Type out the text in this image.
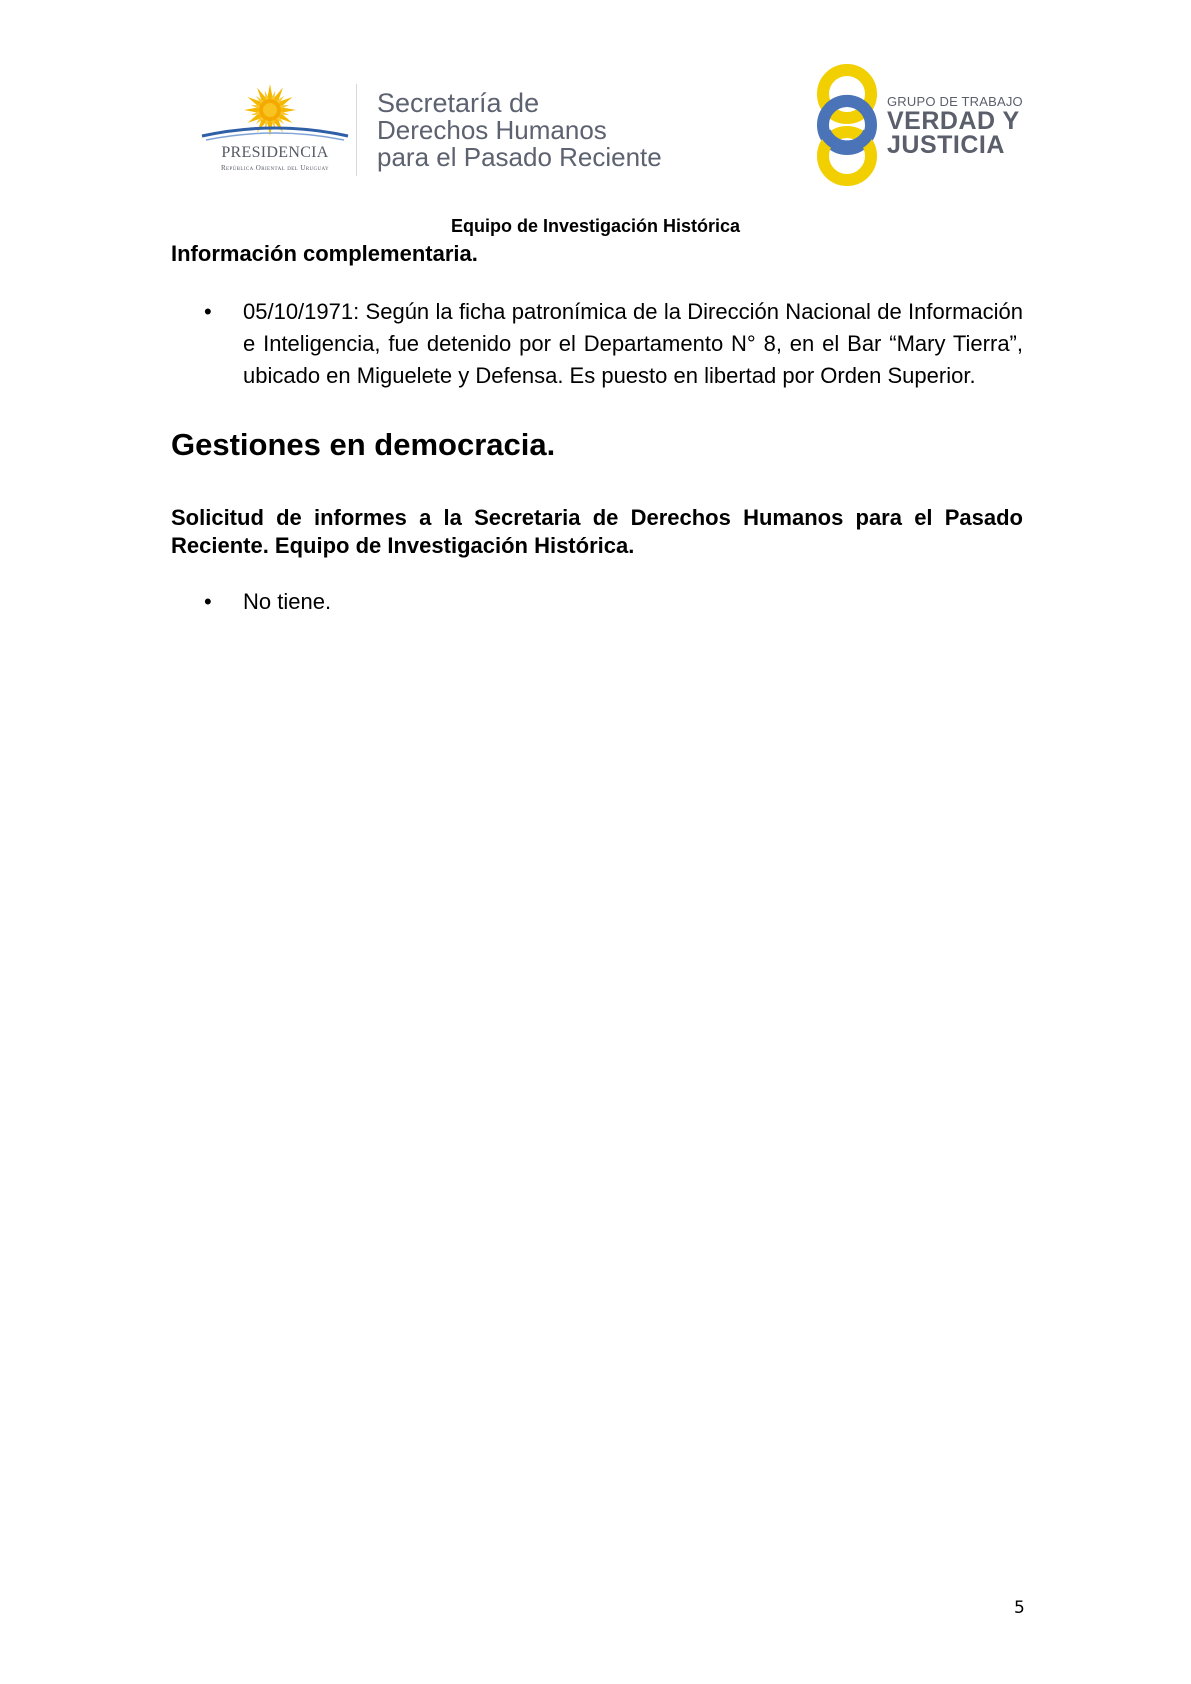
PRESIDENCIA
República Oriental del Uruguay
Secretaría de
Derechos Humanos
para el Pasado Reciente
GRUPO DE TRABAJO
VERDAD Y
JUSTICIA
Equipo de Investigación Histórica
Información complementaria.
• 05/10/1971: Según la ficha patronímica de la Dirección Nacional de Información e Inteligencia, fue detenido por el Departamento N° 8, en el Bar “Mary Tierra”, ubicado en Miguelete y Defensa. Es puesto en libertad por Orden Superior.
Gestiones en democracia.
Solicitud de informes a la Secretaria de Derechos Humanos para el Pasado Reciente. Equipo de Investigación Histórica.
• No tiene.
5
